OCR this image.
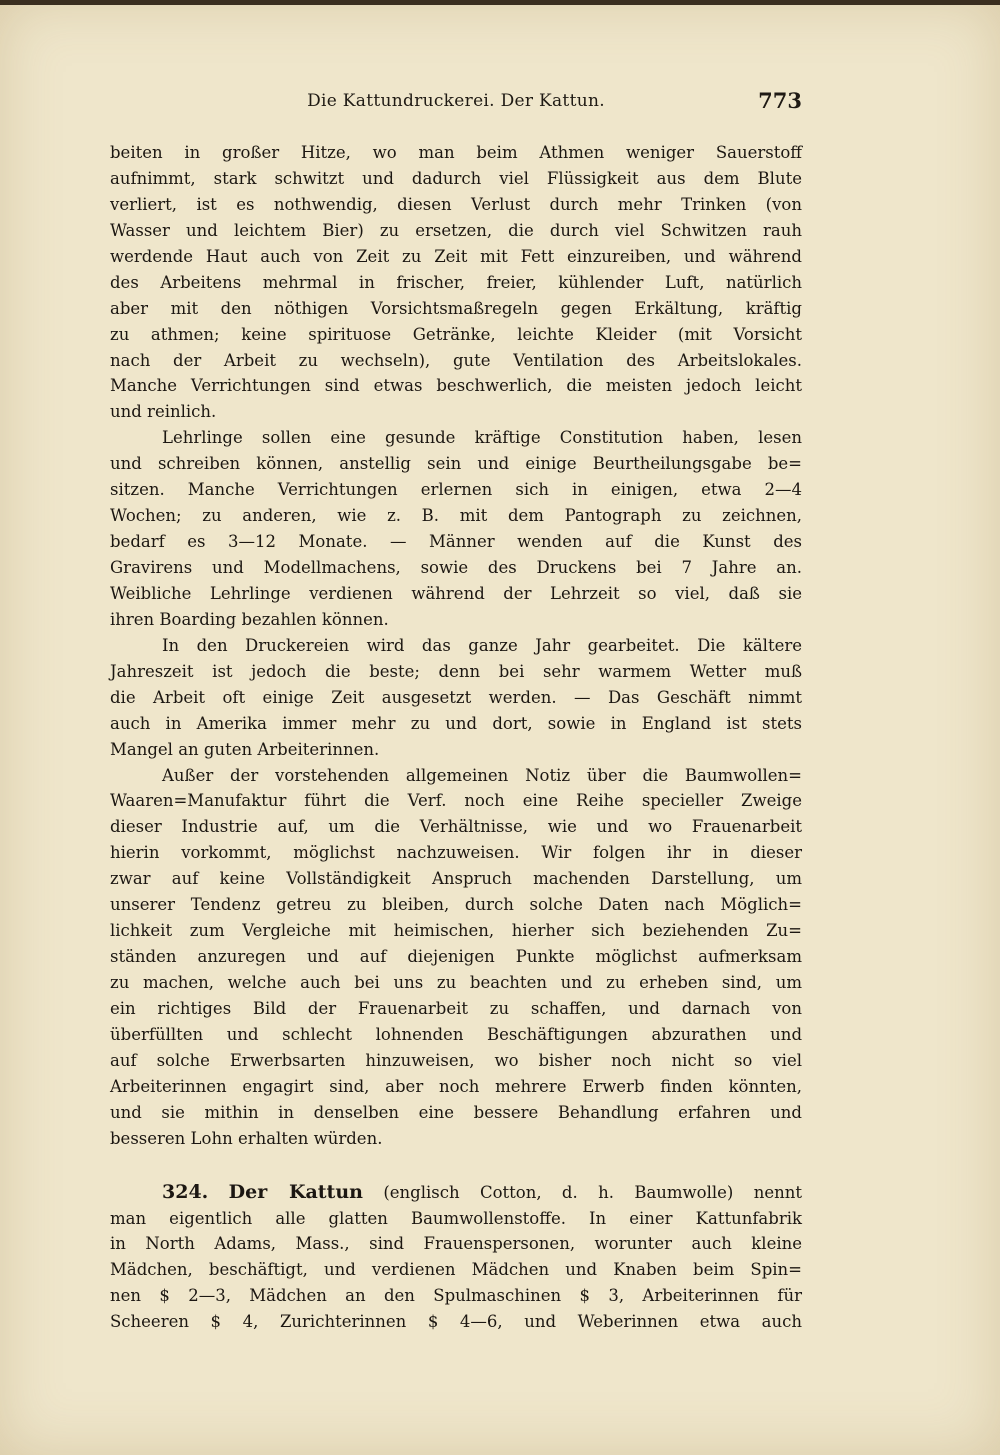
Die Kattundruckerei. Der Kattun.	773
beiten in großer Hitze, wo man beim Athmen weniger Sauerstoff
aufnimmt, stark schwitzt und dadurch viel Flüssigkeit aus dem Blute
verliert, ist es nothwendig, diesen Verlust durch mehr Trinken (von
Wasser und leichtem Bier) zu ersetzen, die durch viel Schwitzen rauh
werdende Haut auch von Zeit zu Zeit mit Fett einzureiben, und während
des Arbeitens mehrmal in frischer, freier, kühlender Luft, natürlich
aber mit den nöthigen Vorsichtsmaßregeln gegen Erkältung, kräftig
zu athmen; keine spirituose Getränke, leichte Kleider (mit Vorsicht
nach der Arbeit zu wechseln), gute Ventilation des Arbeitslokales.
Manche Verrichtungen sind etwas beschwerlich, die meisten jedoch leicht
und reinlich.
Lehrlinge sollen eine gesunde kräftige Constitution haben, lesen
und schreiben können, anstellig sein und einige Beurtheilungsgabe be=
sitzen. Manche Verrichtungen erlernen sich in einigen, etwa 2—4
Wochen; zu anderen, wie z. B. mit dem Pantograph zu zeichnen,
bedarf es 3—12 Monate. — Männer wenden auf die Kunst des
Gravirens und Modellmachens, sowie des Druckens bei 7 Jahre an.
Weibliche Lehrlinge verdienen während der Lehrzeit so viel, daß sie
ihren Boarding bezahlen können.
In den Druckereien wird das ganze Jahr gearbeitet. Die kältere
Jahreszeit ist jedoch die beste; denn bei sehr warmem Wetter muß
die Arbeit oft einige Zeit ausgesetzt werden. — Das Geschäft nimmt
auch in Amerika immer mehr zu und dort, sowie in England ist stets
Mangel an guten Arbeiterinnen.
Außer der vorstehenden allgemeinen Notiz über die Baumwollen=
Waaren=Manufaktur führt die Verf. noch eine Reihe specieller Zweige
dieser Industrie auf, um die Verhältnisse, wie und wo Frauenarbeit
hierin vorkommt, möglichst nachzuweisen. Wir folgen ihr in dieser
zwar auf keine Vollständigkeit Anspruch machenden Darstellung, um
unserer Tendenz getreu zu bleiben, durch solche Daten nach Möglich=
lichkeit zum Vergleiche mit heimischen, hierher sich beziehenden Zu=
ständen anzuregen und auf diejenigen Punkte möglichst aufmerksam
zu machen, welche auch bei uns zu beachten und zu erheben sind, um
ein richtiges Bild der Frauenarbeit zu schaffen, und darnach von
überfüllten und schlecht lohnenden Beschäftigungen abzurathen und
auf solche Erwerbsarten hinzuweisen, wo bisher noch nicht so viel
Arbeiterinnen engagirt sind, aber noch mehrere Erwerb finden könnten,
und sie mithin in denselben eine bessere Behandlung erfahren und
besseren Lohn erhalten würden.
324. Der Kattun (englisch Cotton, d. h. Baumwolle) nennt
man eigentlich alle glatten Baumwollenstoffe. In einer Kattunfabrik
in North Adams, Mass., sind Frauenspersonen, worunter auch kleine
Mädchen, beschäftigt, und verdienen Mädchen und Knaben beim Spin=
nen $ 2—3, Mädchen an den Spulmaschinen $ 3, Arbeiterinnen für
Scheeren $ 4, Zurichterinnen $ 4—6, und Weberinnen etwa auch
